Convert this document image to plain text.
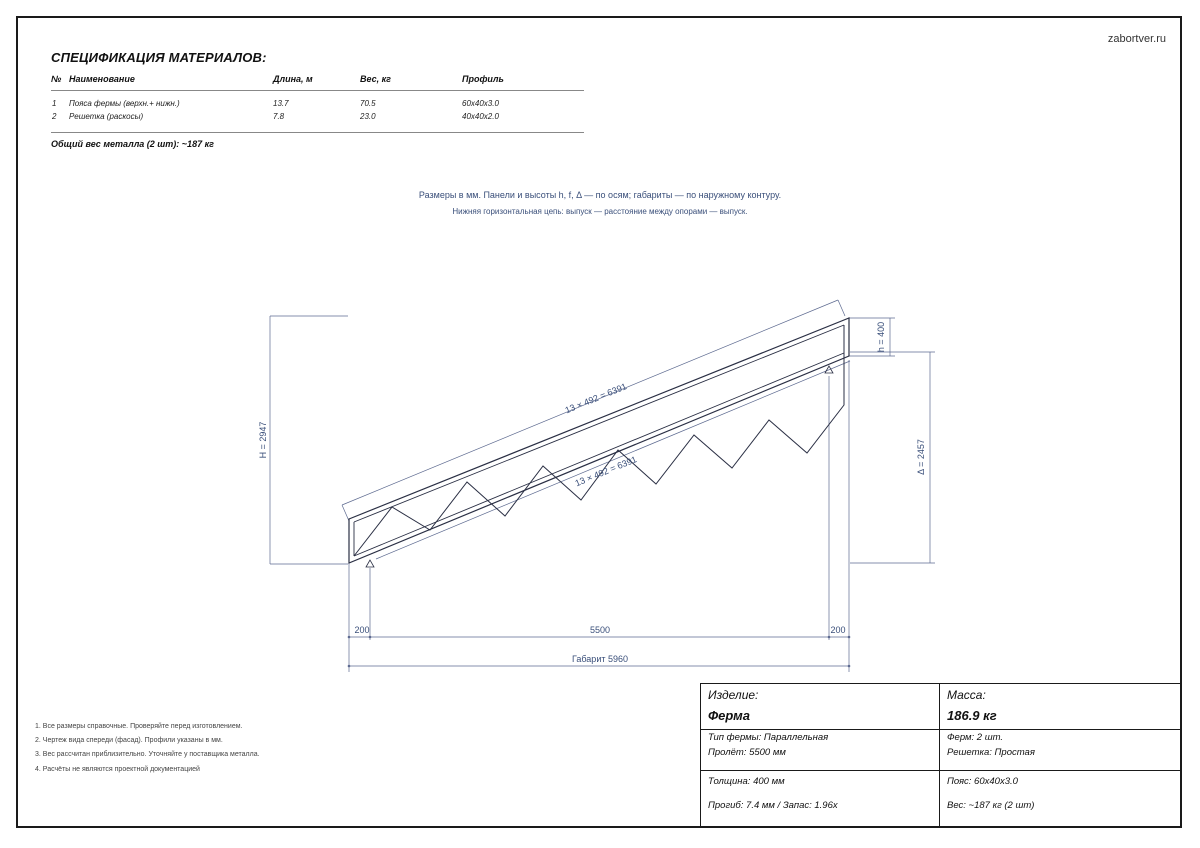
zabortver.ru
СПЕЦИФИКАЦИЯ МАТЕРИАЛОВ:
№ Наименование	Длина, м	Вес, кг	Профиль
1 Пояса фермы (верхн.+ нижн.)	13.7	70.5	60x40x3.0
2 Решетка (раскосы)	7.8	23.0	40x40x2.0
Общий вес металла (2 шт): ~187 кг
Размеры в мм. Панели и высоты h, f, Δ — по осям; габариты — по наружному контуру.
Нижняя горизонтальная цепь: выпуск — расстояние между опорами — выпуск.
H = 2947
h = 400
Δ = 2457
13 × 492 = 6391
13 × 492 = 6391
200	5500	200
Габарит 5960
1. Все размеры справочные. Проверяйте перед изготовлением.
2. Чертеж вида спереди (фасад). Профили указаны в мм.
3. Вес рассчитан приблизительно. Уточняйте у поставщика металла.
4. Расчёты не являются проектной документацией
Изделие:
Ферма
Масса:
186.9 кг
Тип фермы: Параллельная
Пролёт: 5500 мм
Ферм: 2 шт.
Решетка: Простая
Толщина: 400 мм
Прогиб: 7.4 мм / Запас: 1.96x
Пояс: 60x40x3.0
Вес: ~187 кг (2 шт)
